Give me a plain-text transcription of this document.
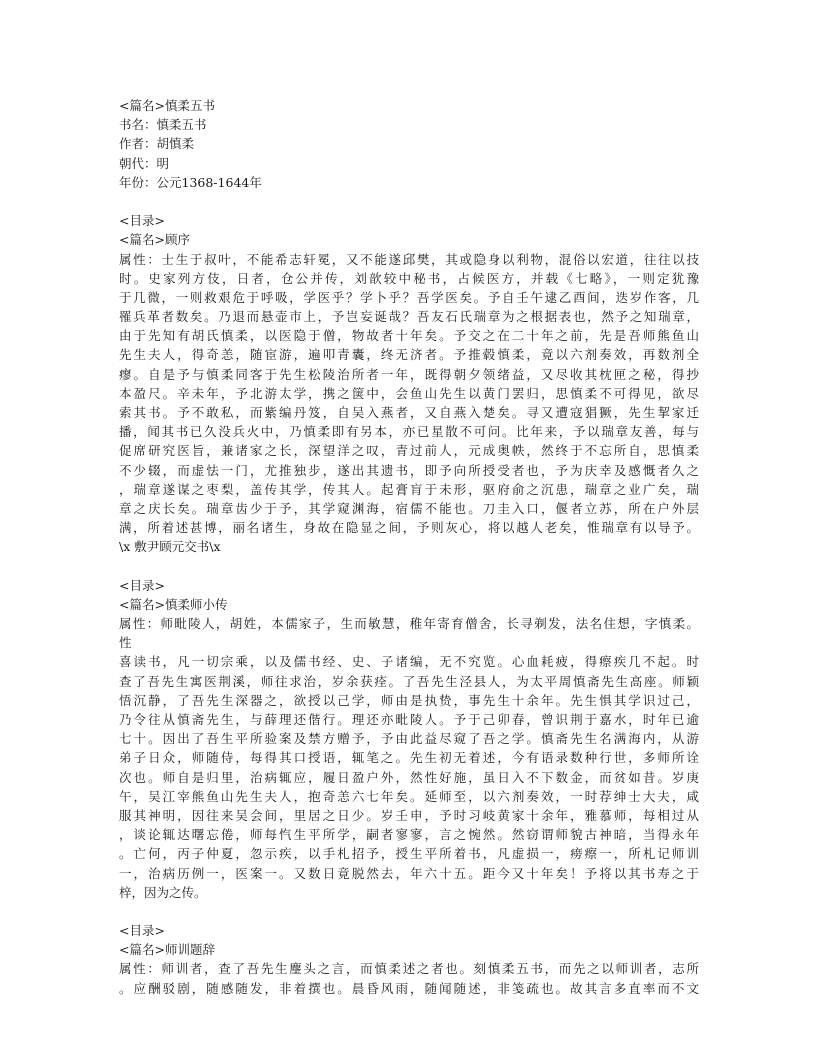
<篇名>慎柔五书
书名：慎柔五书
作者：胡慎柔
朝代：明
年份：公元1368-1644年
<目录>
<篇名>顾序
属性：士生于叔叶，不能希志轩冕，又不能遂邱樊，其或隐身以利物，混俗以宏道，往往以技
时。史家列方伎，日者，仓公并传，刘歆较中秘书，占候医方，并载《七略》，一则定犹豫
于几微，一则救艰危于呼吸，学医乎？学卜乎？吾学医矣。予自壬午逮乙酉间，迭岁作客，几
罹兵革者数矣。乃退而悬壶市上，予岂妄诞哉？吾友石氏瑞章为之根据表也，然予之知瑞章，
由于先知有胡氏慎柔，以医隐于僧，物故者十年矣。予交之在二十年之前，先是吾师熊鱼山
先生夫人，得奇恙，随宦游，遍叩青囊，终无济者。予推毂慎柔，竟以六剂奏效，再数剂全
瘳。自是予与慎柔同客于先生松陵治所者一年，既得朝夕领绪益，又尽收其枕匣之秘，得抄
本盈尺。辛未年，予北游太学，携之箧中，会鱼山先生以黄门罢归，思慎柔不可得见，欲尽
索其书。予不敢私，而紫编丹笈，自吴入燕者，又自燕入楚矣。寻又遭寇猖獗，先生挈家迁
播，闻其书已久没兵火中，乃慎柔即有另本，亦已星散不可问。比年来，予以瑞章友善，每与
促席研究医旨，兼诸家之长，深望洋之叹，青过前人，元成奥帙，然终于不忘所自，思慎柔
不少辍，而虚怯一门，尤推独步，遂出其遗书，即予向所授受者也，予为庆幸及感慨者久之
，瑞章遂谋之枣梨，盖传其学，传其人。起膏肓于未形，驱府俞之沉患，瑞章之业广矣，瑞
章之庆长矣。瑞章齿少于予，其学窥渊海，宿儒不能也。刀圭入口，偃者立苏，所在户外层
满，所着述甚博，丽名诸生，身故在隐显之间，予则灰心，将以越人老矣，惟瑞章有以导予。
\x 敷尹顾元交书\x
<目录>
<篇名>慎柔师小传
属性：师毗陵人，胡姓，本儒家子，生而敏慧，稚年寄育僧舍，长寻剃发，法名住想，字慎柔。
性
喜读书，凡一切宗乘，以及儒书经、史、子诸编，无不究览。心血耗疲，得瘵疾几不起。时
查了吾先生寓医荆溪，师往求治，岁余获痊。了吾先生泾县人，为太平周慎斋先生高座。师颖
悟沉静，了吾先生深器之，欲授以己学，师由是执贽，事先生十余年。先生惧其学识过己，
乃令往从慎斋先生，与薛理还偕行。理还亦毗陵人。予于己卯春，曾识荆于嘉水，时年已逾
七十。因出了吾生平所验案及禁方赠予，予由此益尽窥了吾之学。慎斋先生名满海内，从游
弟子日众，师随侍，每得其口授语，辄笔之。先生初无着述，今有语录数种行世，多师所诠
次也。师自是归里，治病辄应，履日盈户外，然性好施，虽日入不下数金，而贫如昔。岁庚
午，吴江宰熊鱼山先生夫人，抱奇恙六七年矣。延师至，以六剂奏效，一时荐绅士大夫，咸
服其神明，因往来吴会间，里居之日少。岁壬申，予时习岐黄家十余年，雅慕师，每相过从
，谈论辄达曙忘倦，师每忾生平所学，嗣者寥寥，言之惋然。然窃谓师貌古神暗，当得永年
。亡何，丙子仲夏，忽示疾，以手札招予，授生平所着书，凡虚损一，痨瘵一，所札记师训
一，治病历例一，医案一。又数日竟脱然去，年六十五。距今又十年矣！予将以其书寿之于
梓，因为之传。
<目录>
<篇名>师训题辞
属性：师训者，查了吾先生麈头之言，而慎柔述之者也。刻慎柔五书，而先之以师训者，志所
。应酬驳剧，随感随发，非着撰也。晨昏风雨，随闻随述，非笺疏也。故其言多直率而不文
